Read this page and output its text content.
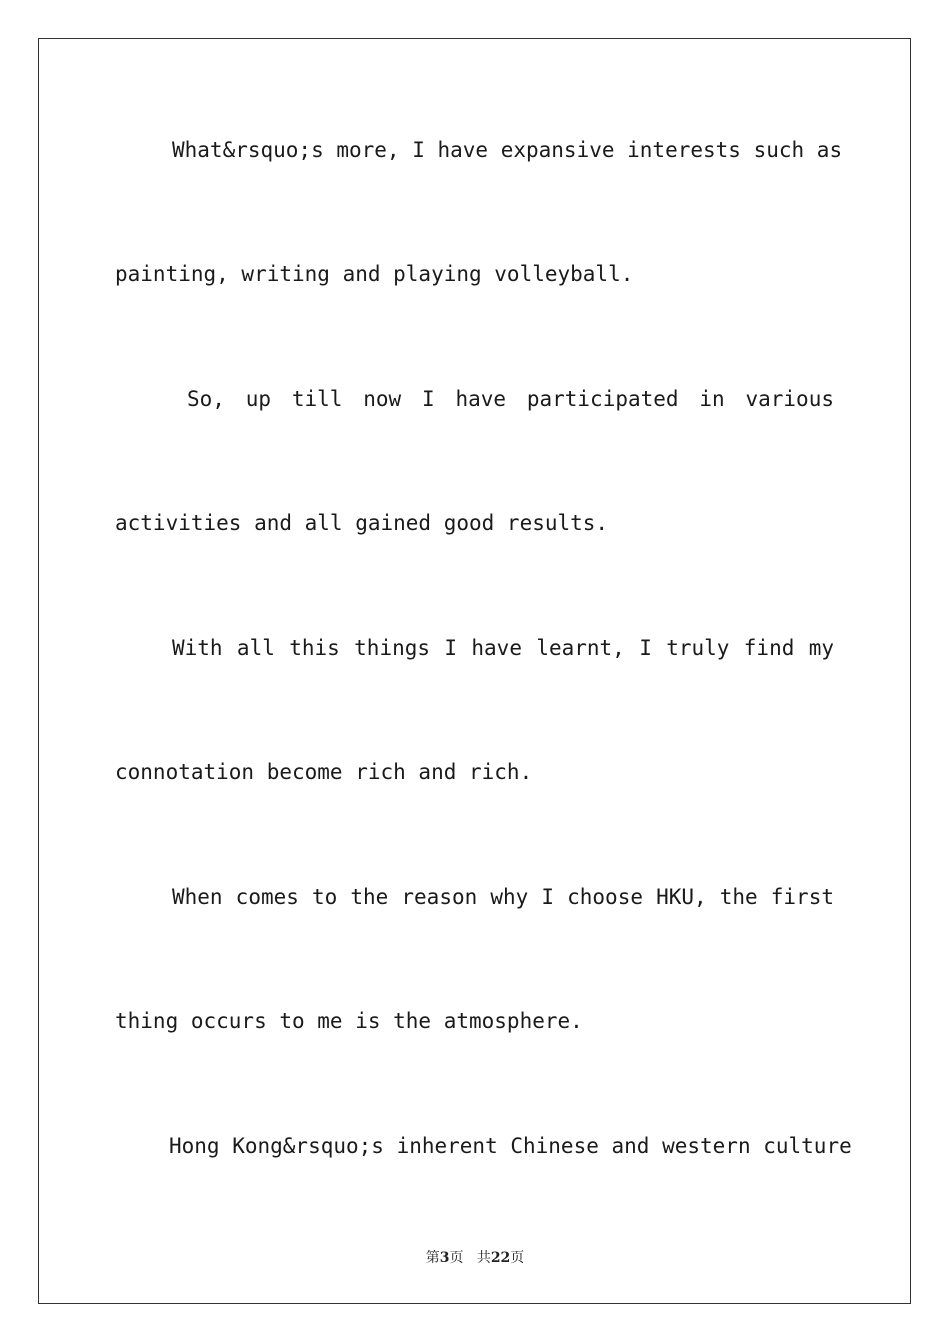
What&rsquo;s more, I have expansive interests such as
painting, writing and playing volleyball.
So, up till now I have participated in various
activities and all gained good results.
With all this things I have learnt, I truly find my
connotation become rich and rich.
When comes to the reason why I choose HKU, the first
thing occurs to me is the atmosphere.
Hong Kong&rsquo;s inherent Chinese and western culture
第3页 共22页
